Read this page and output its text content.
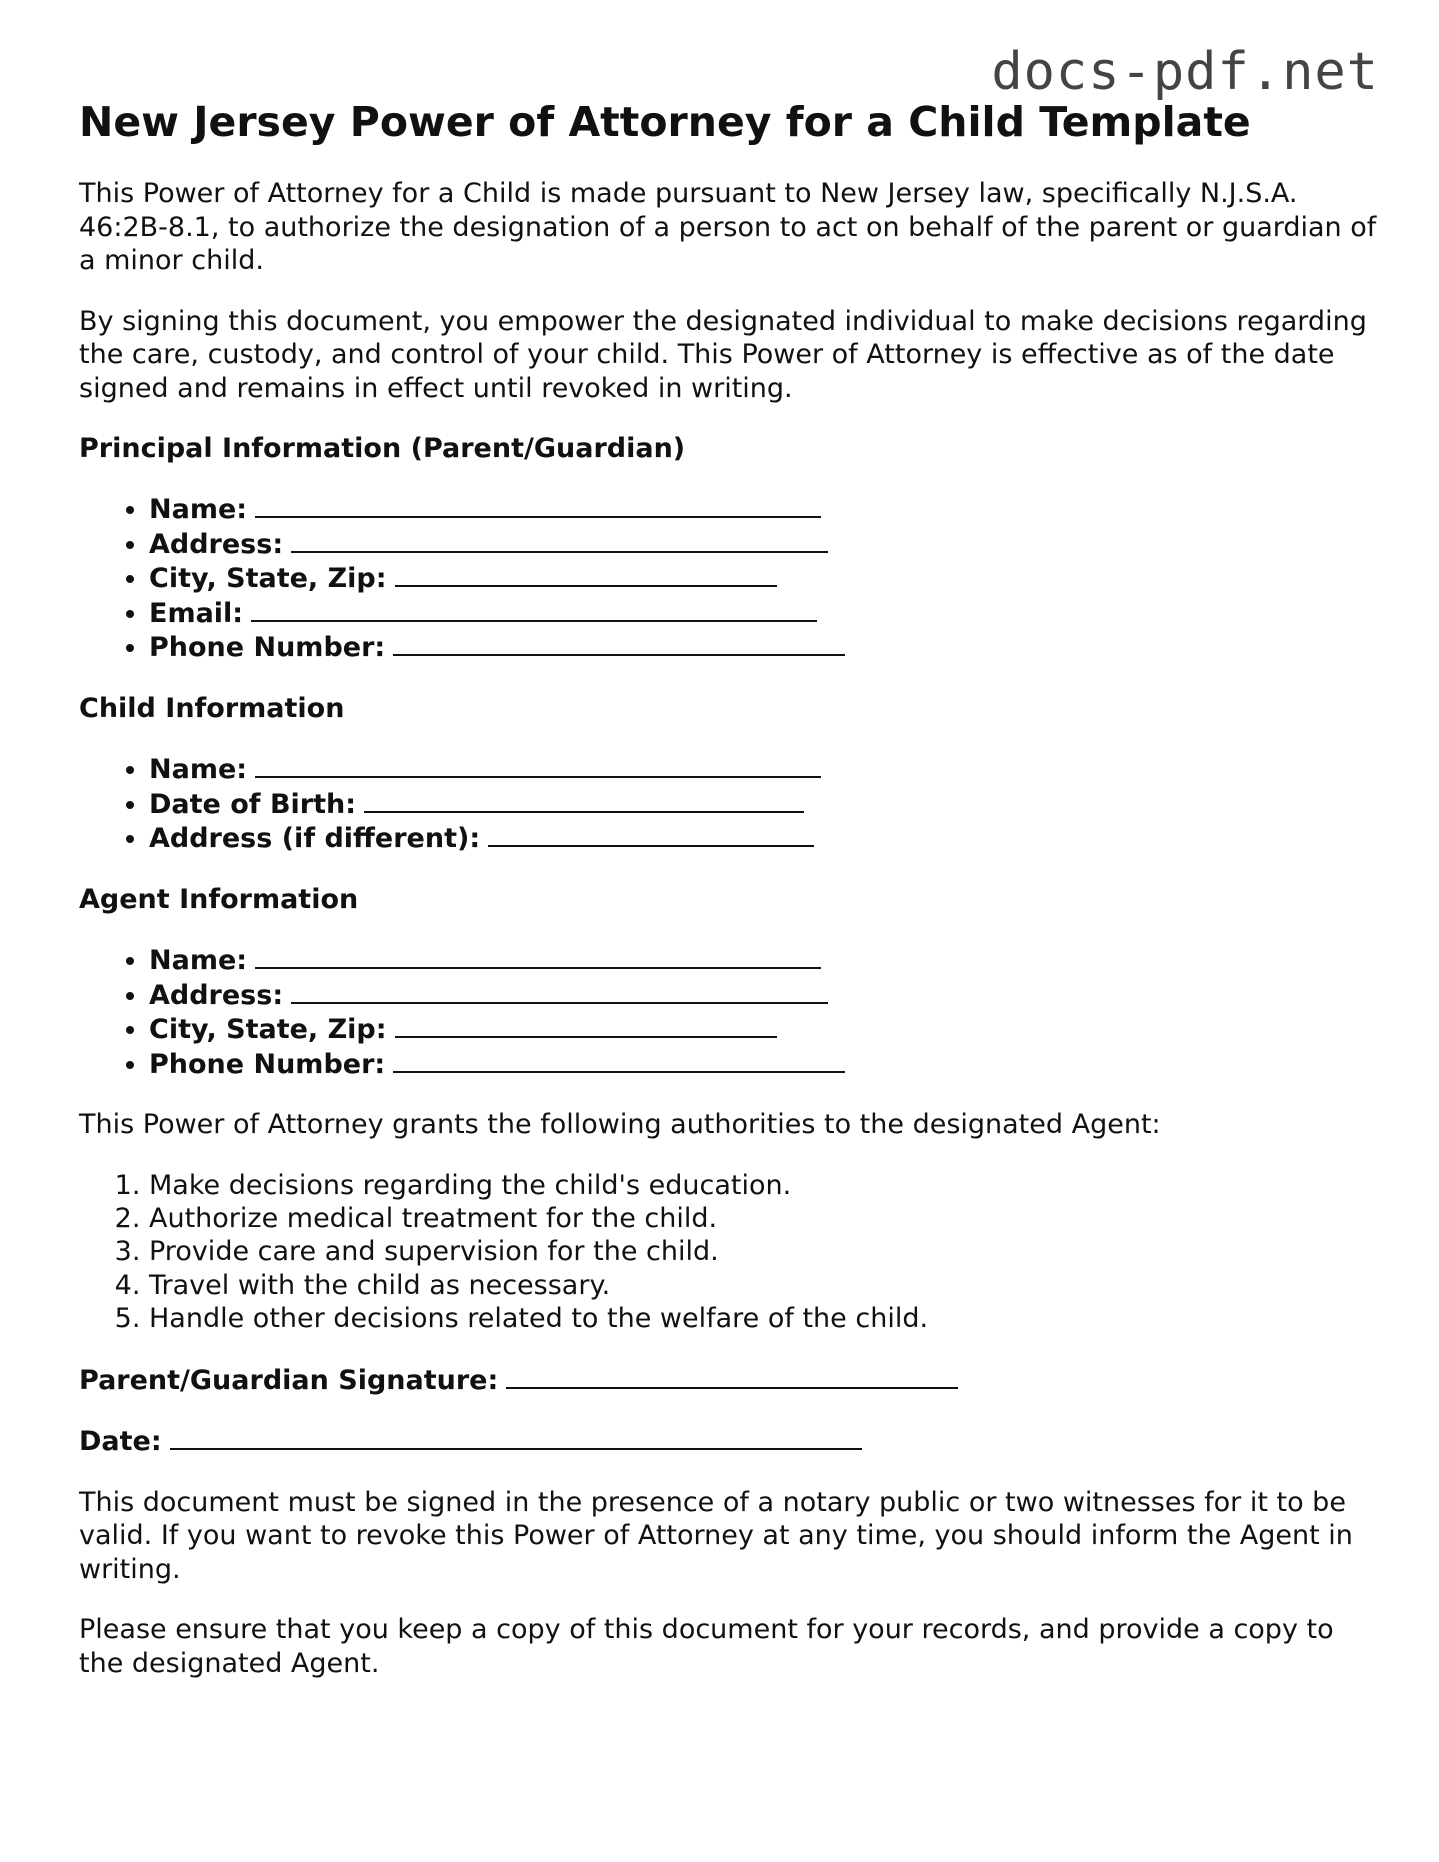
docs-pdf.net
New Jersey Power of Attorney for a Child Template

This Power of Attorney for a Child is made pursuant to New Jersey law, specifically N.J.S.A. 46:2B-8.1, to authorize the designation of a person to act on behalf of the parent or guardian of a minor child.

By signing this document, you empower the designated individual to make decisions regarding the care, custody, and control of your child. This Power of Attorney is effective as of the date signed and remains in effect until revoked in writing.

Principal Information (Parent/Guardian)
• Name:
• Address:
• City, State, Zip:
• Email:
• Phone Number:
Child Information
• Name:
• Date of Birth:
• Address (if different):
Agent Information
• Name:
• Address:
• City, State, Zip:
• Phone Number:

This Power of Attorney grants the following authorities to the designated Agent:

1. Make decisions regarding the child's education.
2. Authorize medical treatment for the child.
3. Provide care and supervision for the child.
4. Travel with the child as necessary.
5. Handle other decisions related to the welfare of the child.

Parent/Guardian Signature:

Date:

This document must be signed in the presence of a notary public or two witnesses for it to be valid. If you want to revoke this Power of Attorney at any time, you should inform the Agent in writing.

Please ensure that you keep a copy of this document for your records, and provide a copy to the designated Agent.
